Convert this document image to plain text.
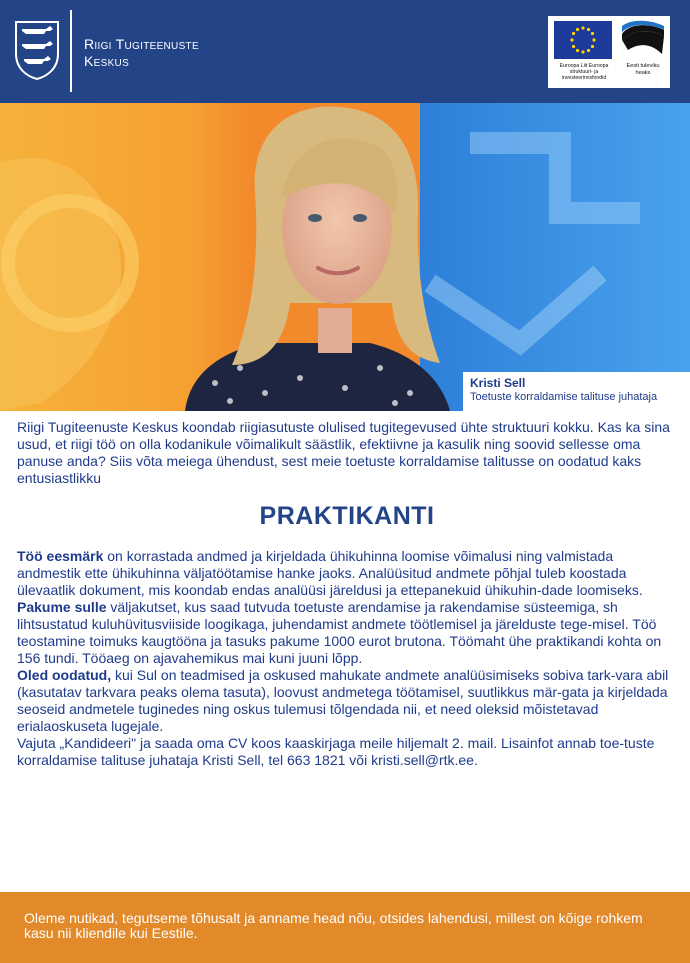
Riigi Tugiteenuste
Keskus	Euroopa Liit Euroopa struktuuri- ja investeerimisfondid
Eesti tuleviku heaks
Kristi Sell
Toetuste korraldamise talituse juhataja

Riigi Tugiteenuste Keskus koondab riigiasutuste olulised tugitegevused ühte struktuuri kokku. Kas ka sina usud, et riigi töö on olla kodanikule võimalikult säästlik, efektiivne ja kasulik ning soovid sellesse oma panuse anda? Siis võta meiega ühendust, sest meie toetuste korraldamise talitusse on oodatud kaks entusiastlikku

PRAKTIKANTI

Töö eesmärk on korrastada andmed ja kirjeldada ühikuhinna loomise võimalusi ning valmistada andmestik ette ühikuhinna väljatöötamise hanke jaoks. Analüüsitud andmete põhjal tuleb koostada ülevaatlik dokument, mis koondab endas analüüsi järeldusi ja ettepanekuid ühikuhin-dade loomiseks.

Pakume sulle väljakutset, kus saad tutvuda toetuste arendamise ja rakendamise süsteemiga, sh lihtsustatud kuluhüvitusviiside loogikaga, juhendamist andmete töötlemisel ja järelduste tege-misel. Töö teostamine toimuks kaugtööna ja tasuks pakume 1000 eurot brutona. Töömaht ühe praktikandi kohta on 156 tundi. Tööaeg on ajavahemikus mai kuni juuni lõpp.

Oled oodatud, kui Sul on teadmised ja oskused mahukate andmete analüüsimiseks sobiva tark-vara abil (kasutatav tarkvara peaks olema tasuta), loovust andmetega töötamisel, suutlikkus mär-gata ja kirjeldada seoseid andmetele tuginedes ning oskus tulemusi tõlgendada nii, et need oleksid mõistetavad erialaoskuseta lugejale.

Vajuta „Kandideeri" ja saada oma CV koos kaaskirjaga meile hiljemalt 2. mail. Lisainfot annab toe-tuste korraldamise talituse juhataja Kristi Sell, tel 663 1821 või kristi.sell@rtk.ee.

Oleme nutikad, tegutseme tõhusalt ja anname head nõu, otsides lahendusi, millest on kõige rohkem kasu nii kliendile kui Eestile.
